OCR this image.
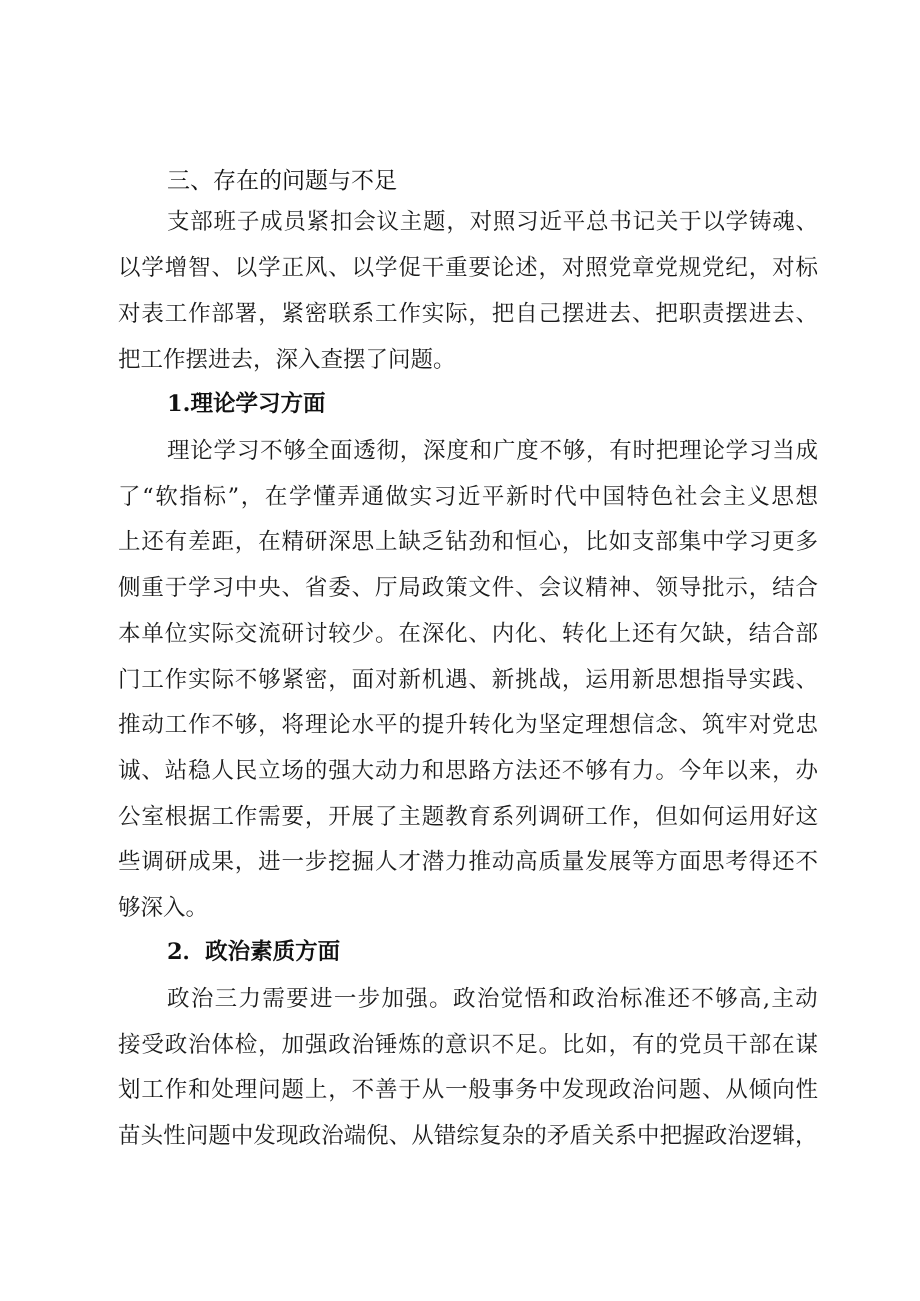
三、存在的问题与不足
支部班子成员紧扣会议主题，对照习近平总书记关于以学铸魂、
以学增智、以学正风、以学促干重要论述，对照党章党规党纪，对标
对表工作部署，紧密联系工作实际，把自己摆进去、把职责摆进去、
把工作摆进去，深入查摆了问题。
1.理论学习方面
理论学习不够全面透彻，深度和广度不够，有时把理论学习当成
了“软指标”，在学懂弄通做实习近平新时代中国特色社会主义思想
上还有差距，在精研深思上缺乏钻劲和恒心，比如支部集中学习更多
侧重于学习中央、省委、厅局政策文件、会议精神、领导批示，结合
本单位实际交流研讨较少。在深化、内化、转化上还有欠缺，结合部
门工作实际不够紧密，面对新机遇、新挑战，运用新思想指导实践、
推动工作不够，将理论水平的提升转化为坚定理想信念、筑牢对党忠
诚、站稳人民立场的强大动力和思路方法还不够有力。今年以来，办
公室根据工作需要，开展了主题教育系列调研工作，但如何运用好这
些调研成果，进一步挖掘人才潜力推动高质量发展等方面思考得还不
够深入。
2．政治素质方面
政治三力需要进一步加强。政治觉悟和政治标准还不够高,主动
接受政治体检，加强政治锤炼的意识不足。比如，有的党员干部在谋
划工作和处理问题上，不善于从一般事务中发现政治问题、从倾向性
苗头性问题中发现政治端倪、从错综复杂的矛盾关系中把握政治逻辑，
